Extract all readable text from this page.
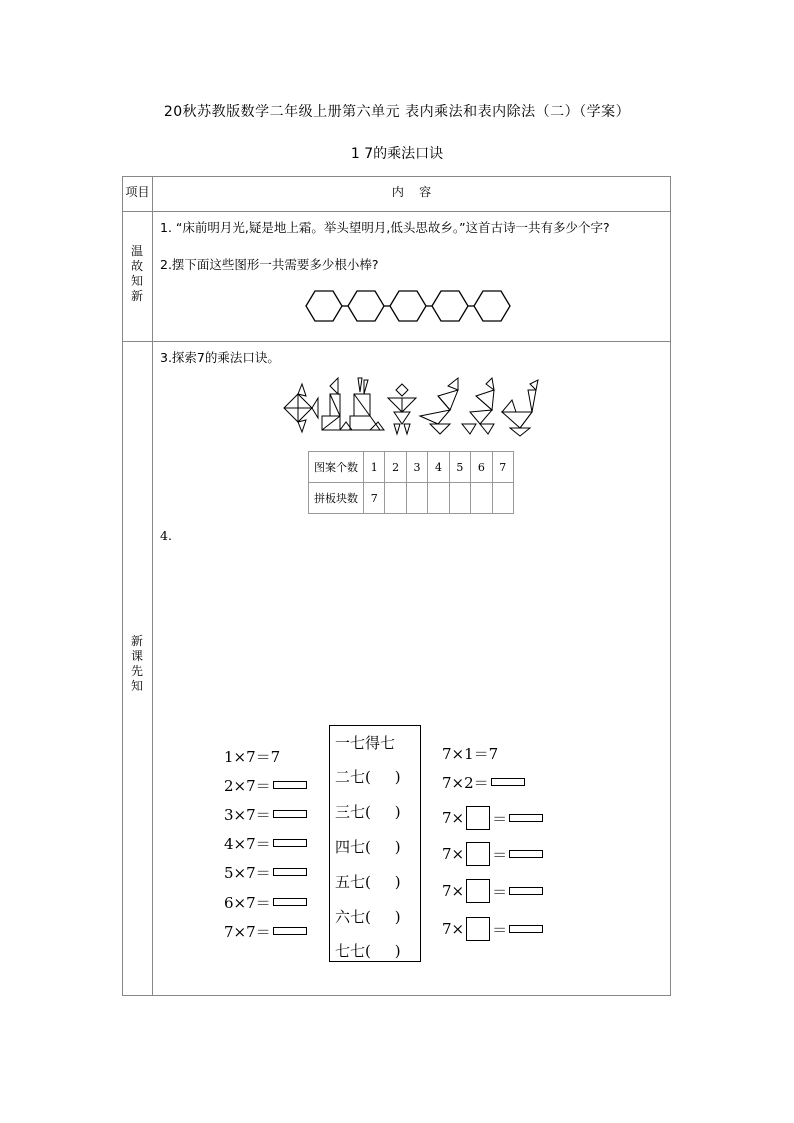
20秋苏教版数学二年级上册第六单元 表内乘法和表内除法（二）（学案）
1 7的乘法口诀
项目	内    容
温
故
知
新
1. “床前明月光,疑是地上霜。举头望明月,低头思故乡。”这首古诗一共有多少个字?
2.摆下面这些图形一共需要多少根小棒?
新
课
先
知
3.探索7的乘法口诀。
图案个数	1	2	3	4	5	6	7
拼板块数	7						
4.
1×7＝7
2×7＝
3×7＝
4×7＝
5×7＝
6×7＝
7×7＝
一七得七
二七(     )
三七(     )
四七(     )
五七(     )
六七(     )
七七(     )
7×1＝7
7×2＝
7× ＝
7× ＝
7× ＝
7× ＝
